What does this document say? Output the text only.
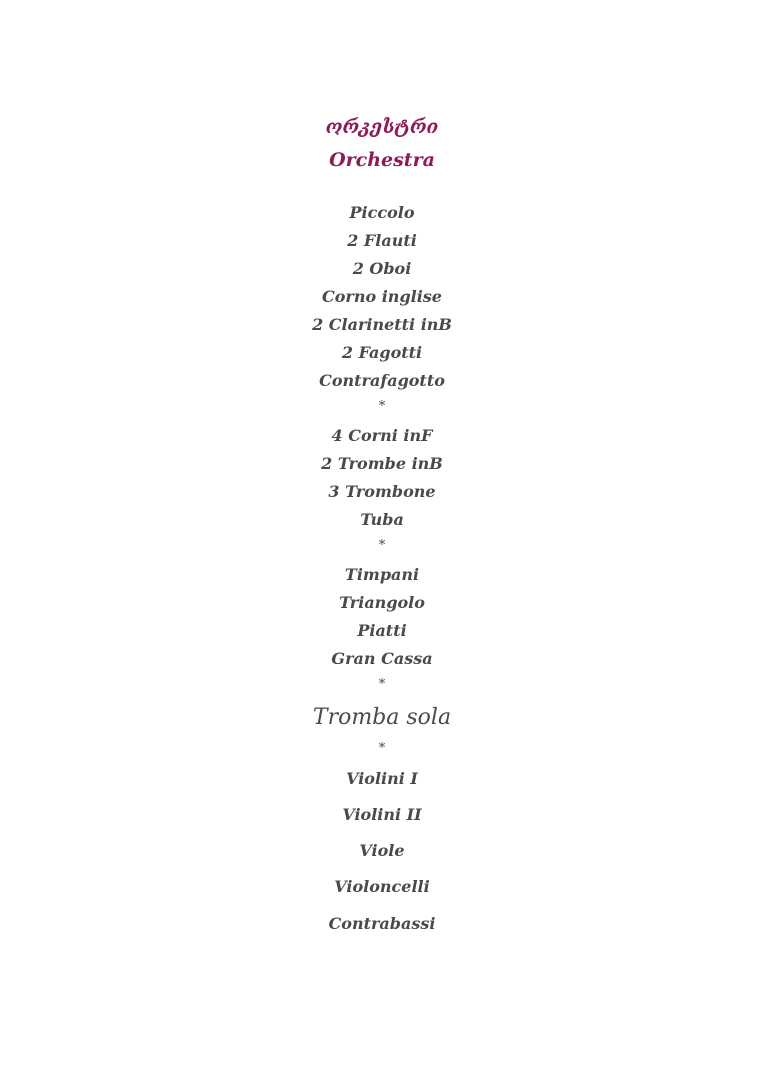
ორკესტრი
Orchestra
Piccolo
2 Flauti
2 Oboi
Corno inglise
2 Clarinetti inB
2 Fagotti
Contrafagotto
*
4 Corni inF
2 Trombe inB
3 Trombone
Tuba
*
Timpani
Triangolo
Piatti
Gran Cassa
*
Tromba sola
*
Violini I
Violini II
Viole
Violoncelli
Contrabassi
